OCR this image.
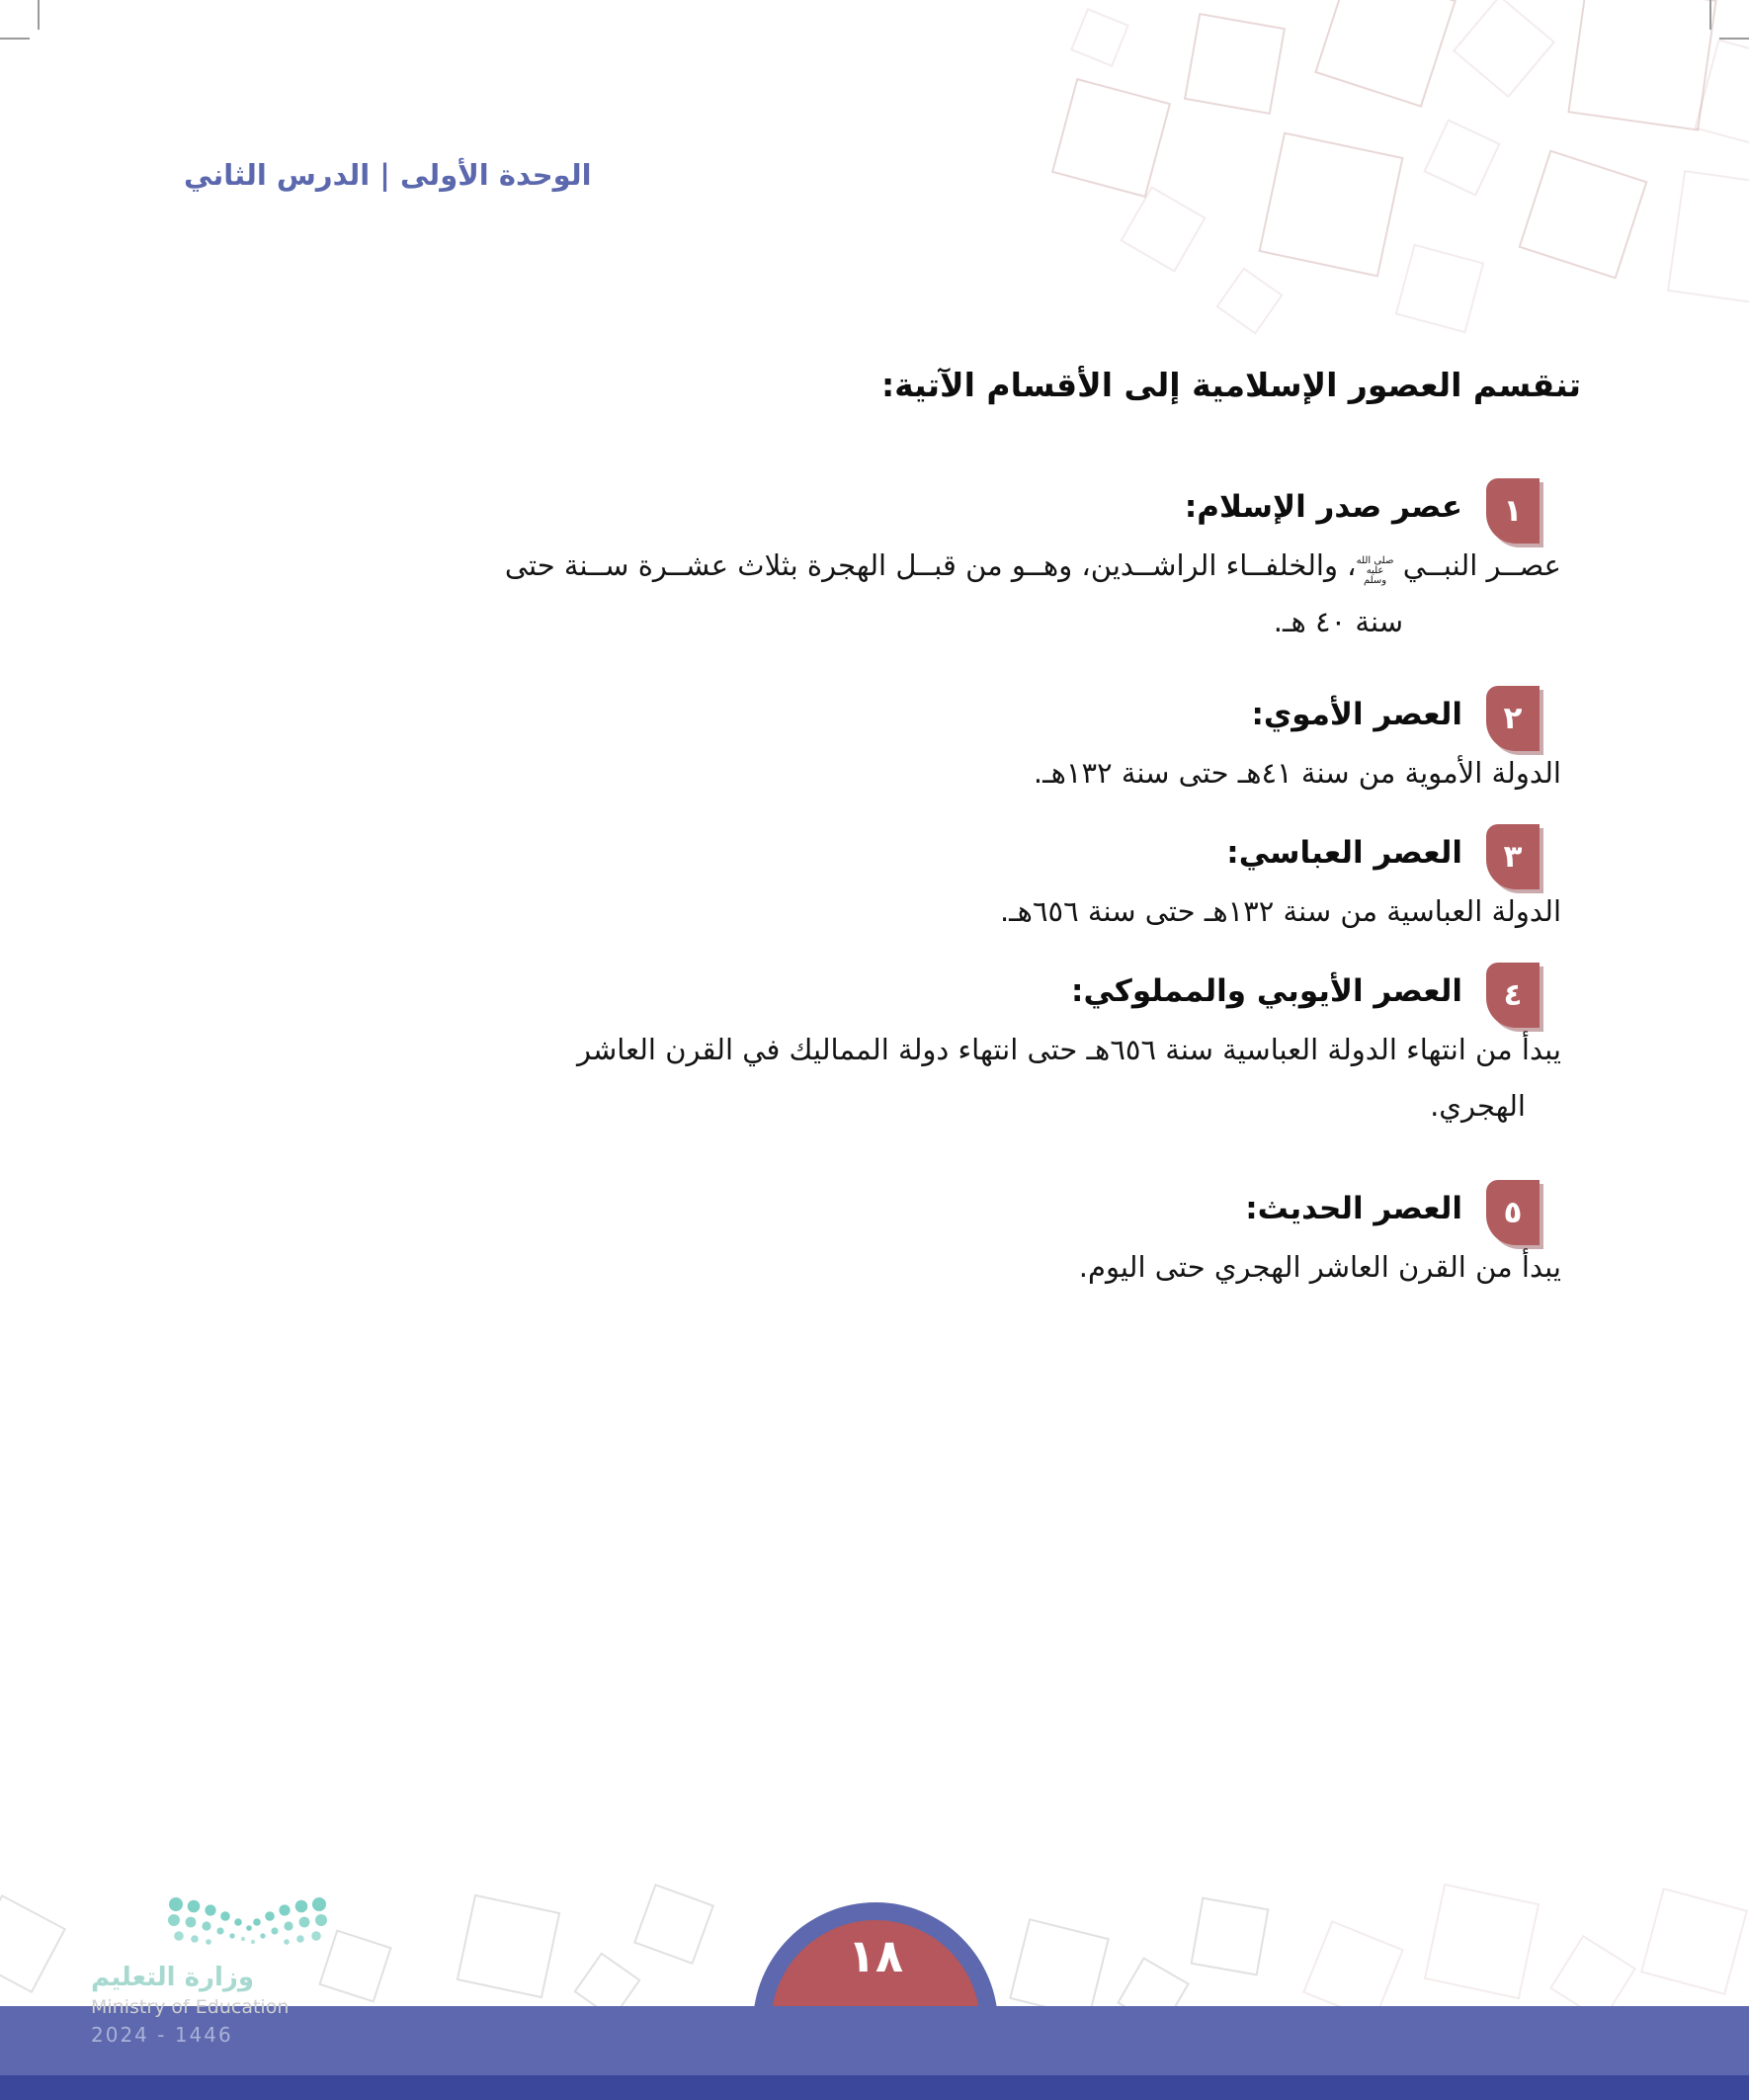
الوحدة الأولى | الدرس الثاني
تنقسم العصور الإسلامية إلى الأقسام الآتية:
١
عصر صدر الإسلام:
عصــر النبــي صلى الله عليه وسلم، والخلفــاء الراشــدين، وهــو من قبــل الهجرة بثلاث عشــرة ســنة حتى
سنة ٤٠ هـ.
٢
العصر الأموي:
الدولة الأموية من سنة ٤١هـ حتى سنة ١٣٢هـ.
٣
العصر العباسي:
الدولة العباسية من سنة ١٣٢هـ حتى سنة ٦٥٦هـ.
٤
العصر الأيوبي والمملوكي:
يبدأ من انتهاء الدولة العباسية سنة ٦٥٦هـ حتى انتهاء دولة المماليك في القرن العاشر
الهجري.
٥
العصر الحديث:
يبدأ من القرن العاشر الهجري حتى اليوم.
١٨
وزارة التعليم
Ministry of Education
2024 - 1446
